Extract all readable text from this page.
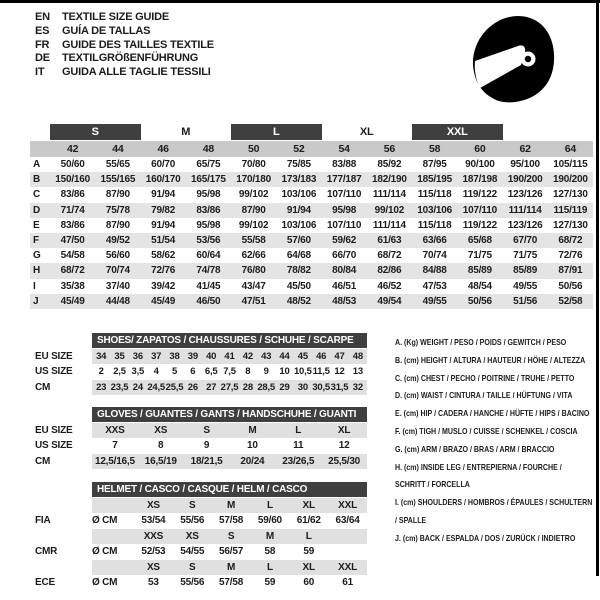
EN	TEXTILE SIZE GUIDE
ES	GUÍA DE TALLAS
FR	GUIDE DES TAILLES TEXTILE
DE	TEXTILGRÖßENFÜHRUNG
IT	GUIDA ALLE TAGLIE TESSILI
S	M	L	XL	XXL
42	44	46	48	50	52	54	56	58	60	62	64
A	50/60	55/65	60/70	65/75	70/80	75/85	83/88	85/92	87/95	90/100	95/100	105/115
B	150/160	155/165	160/170	165/175	170/180	173/183	177/187	182/190	185/195	187/198	190/200	190/200
C	83/86	87/90	91/94	95/98	99/102	103/106	107/110	111/114	115/118	119/122	123/126	127/130
D	71/74	75/78	79/82	83/86	87/90	91/94	95/98	99/102	103/106	107/110	111/114	115/119
E	83/86	87/90	91/94	95/98	99/102	103/106	107/110	111/114	115/118	119/122	123/126	127/130
F	47/50	49/52	51/54	53/56	55/58	57/60	59/62	61/63	63/66	65/68	67/70	68/72
G	54/58	56/60	58/62	60/64	62/66	64/68	66/70	68/72	70/74	71/75	71/75	72/76
H	68/72	70/74	72/76	74/78	76/80	78/82	80/84	82/86	84/88	85/89	85/89	87/91
I	35/38	37/40	39/42	41/45	43/47	45/50	46/51	46/52	47/53	48/54	49/55	50/56
J	45/49	44/48	45/49	46/50	47/51	48/52	48/53	49/54	49/55	50/56	51/56	52/58
SHOES/ ZAPATOS / CHAUSSURES / SCHUHE / SCARPE
EU SIZE	34 35 36 37 38 39 40 41 42 43 44 45 46 47 48
US SIZE	2 2,5 3,5 4	5	6 6,5 7,5 8	9	10 10,5 11,5 12 13
CM	23 23,5 24 24,5 25,5 26 27 27,5 28 28,5 29 30 30,5 31,5 32
GLOVES / GUANTES / GANTS / HANDSCHUHE / GUANTI
EU SIZE	XXS	XS	S	M	L	XL
US SIZE	7	8	9	10	11	12
CM	12,5/16,5 16,5/19	18/21,5	20/24	23/26,5	25,5/30
HELMET / CASCO / CASQUE / HELM / CASCO
XS	S	M	L	XL	XXL
FIA	Ø CM	53/54	55/56	57/58	59/60	61/62	63/64
XXS	XS	S	M	L
CMR	Ø CM	52/53	54/55	56/57	58	59
XS	S	M	L	XL	XXL
ECE	Ø CM	53	55/56	57/58	59	60	61
A. (Kg) WEIGHT / PESO / POIDS / GEWITCH / PESO
B. (cm) HEIGHT / ALTURA / HAUTEUR / HÖHE / ALTEZZA
C. (cm) CHEST / PECHO / POITRINE / TRUHE / PETTO
D. (cm) WAIST / CINTURA / TAILLE / HÜFTUNG / VITA
E. (cm) HIP / CADERA / HANCHE / HÜFTE / HIPS / BACINO
F. (cm) TIGH / MUSLO / CUISSE / SCHENKEL / COSCIA
G. (cm) ARM / BRAZO / BRAS / ARM / BRACCIO
H. (cm) INSIDE LEG / ENTREPIERNA / FOURCHE / SCHRITT / FORCELLA
I. (cm) SHOULDERS / HOMBROS / ÉPAULES / SCHULTERN / SPALLE
J. (cm) BACK / ESPALDA / DOS / ZURÜCK / INDIETRO
